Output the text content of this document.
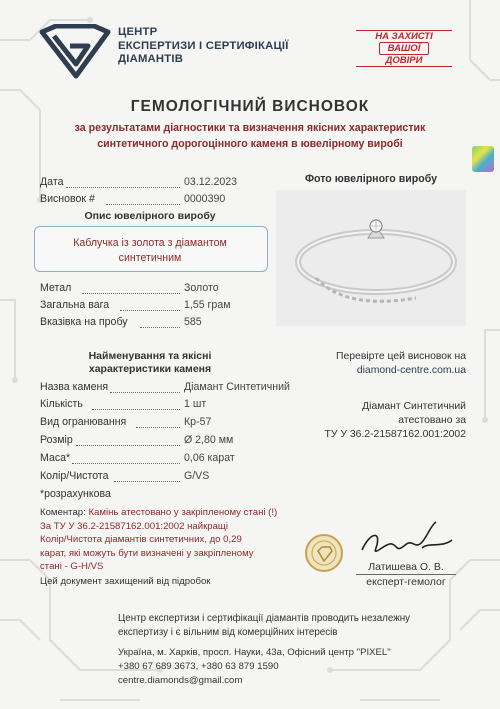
ЦЕНТР
ЕКСПЕРТИЗИ І СЕРТИФІКАЦІЇ
ДІАМАНТІВ
НА ЗАХИСТІ
ВАШОЇ
ДОВІРИ
ГЕМОЛОГІЧНИЙ ВИСНОВОК
за результатами діагностики та визначення якісних характеристик
синтетичного дорогоцінного каменя в ювелірному виробі
Дата	03.12.2023
Висновок #	0000390
Опис ювелірного виробу
Каблучка із золота з діамантом
синтетичним
Метал	Золото
Загальна вага	1,55 грам
Вказівка на пробу	585
Найменування та якісні
характеристики каменя
Назва каменя	Діамант Синтетичний
Кількість	1 шт
Вид огранювання	Кр-57
Розмір	Ø 2,80 мм
Маса*	0,06 карат
Колір/Чистота	G/VS
*розрахункова
Фото ювелірного виробу
Перевірте цей висновок на
diamond-centre.com.ua
Діамант Синтетичний
атестовано за
ТУ У 36.2-21587162.001:2002
Коментар: Камінь атестовано у закріпленому стані (!)
За ТУ У 36.2-21587162.001:2002 найкращі
Колір/Чистота діамантів синтетичних, до 0,29
карат, які можуть бути визначені у закріпленому
стані - G-H/VS
Цей документ захищений від підробок
Латишева О. В.
експерт-гемолог
Центр експертизи і сертифікації діамантів проводить незалежну
експертизу і є вільним від комерційних інтересів
Україна, м. Харків, просп. Науки, 43а, Офісний центр "PIXEL"
+380 67 689 3673, +380 63 879 1590
centre.diamonds@gmail.com
